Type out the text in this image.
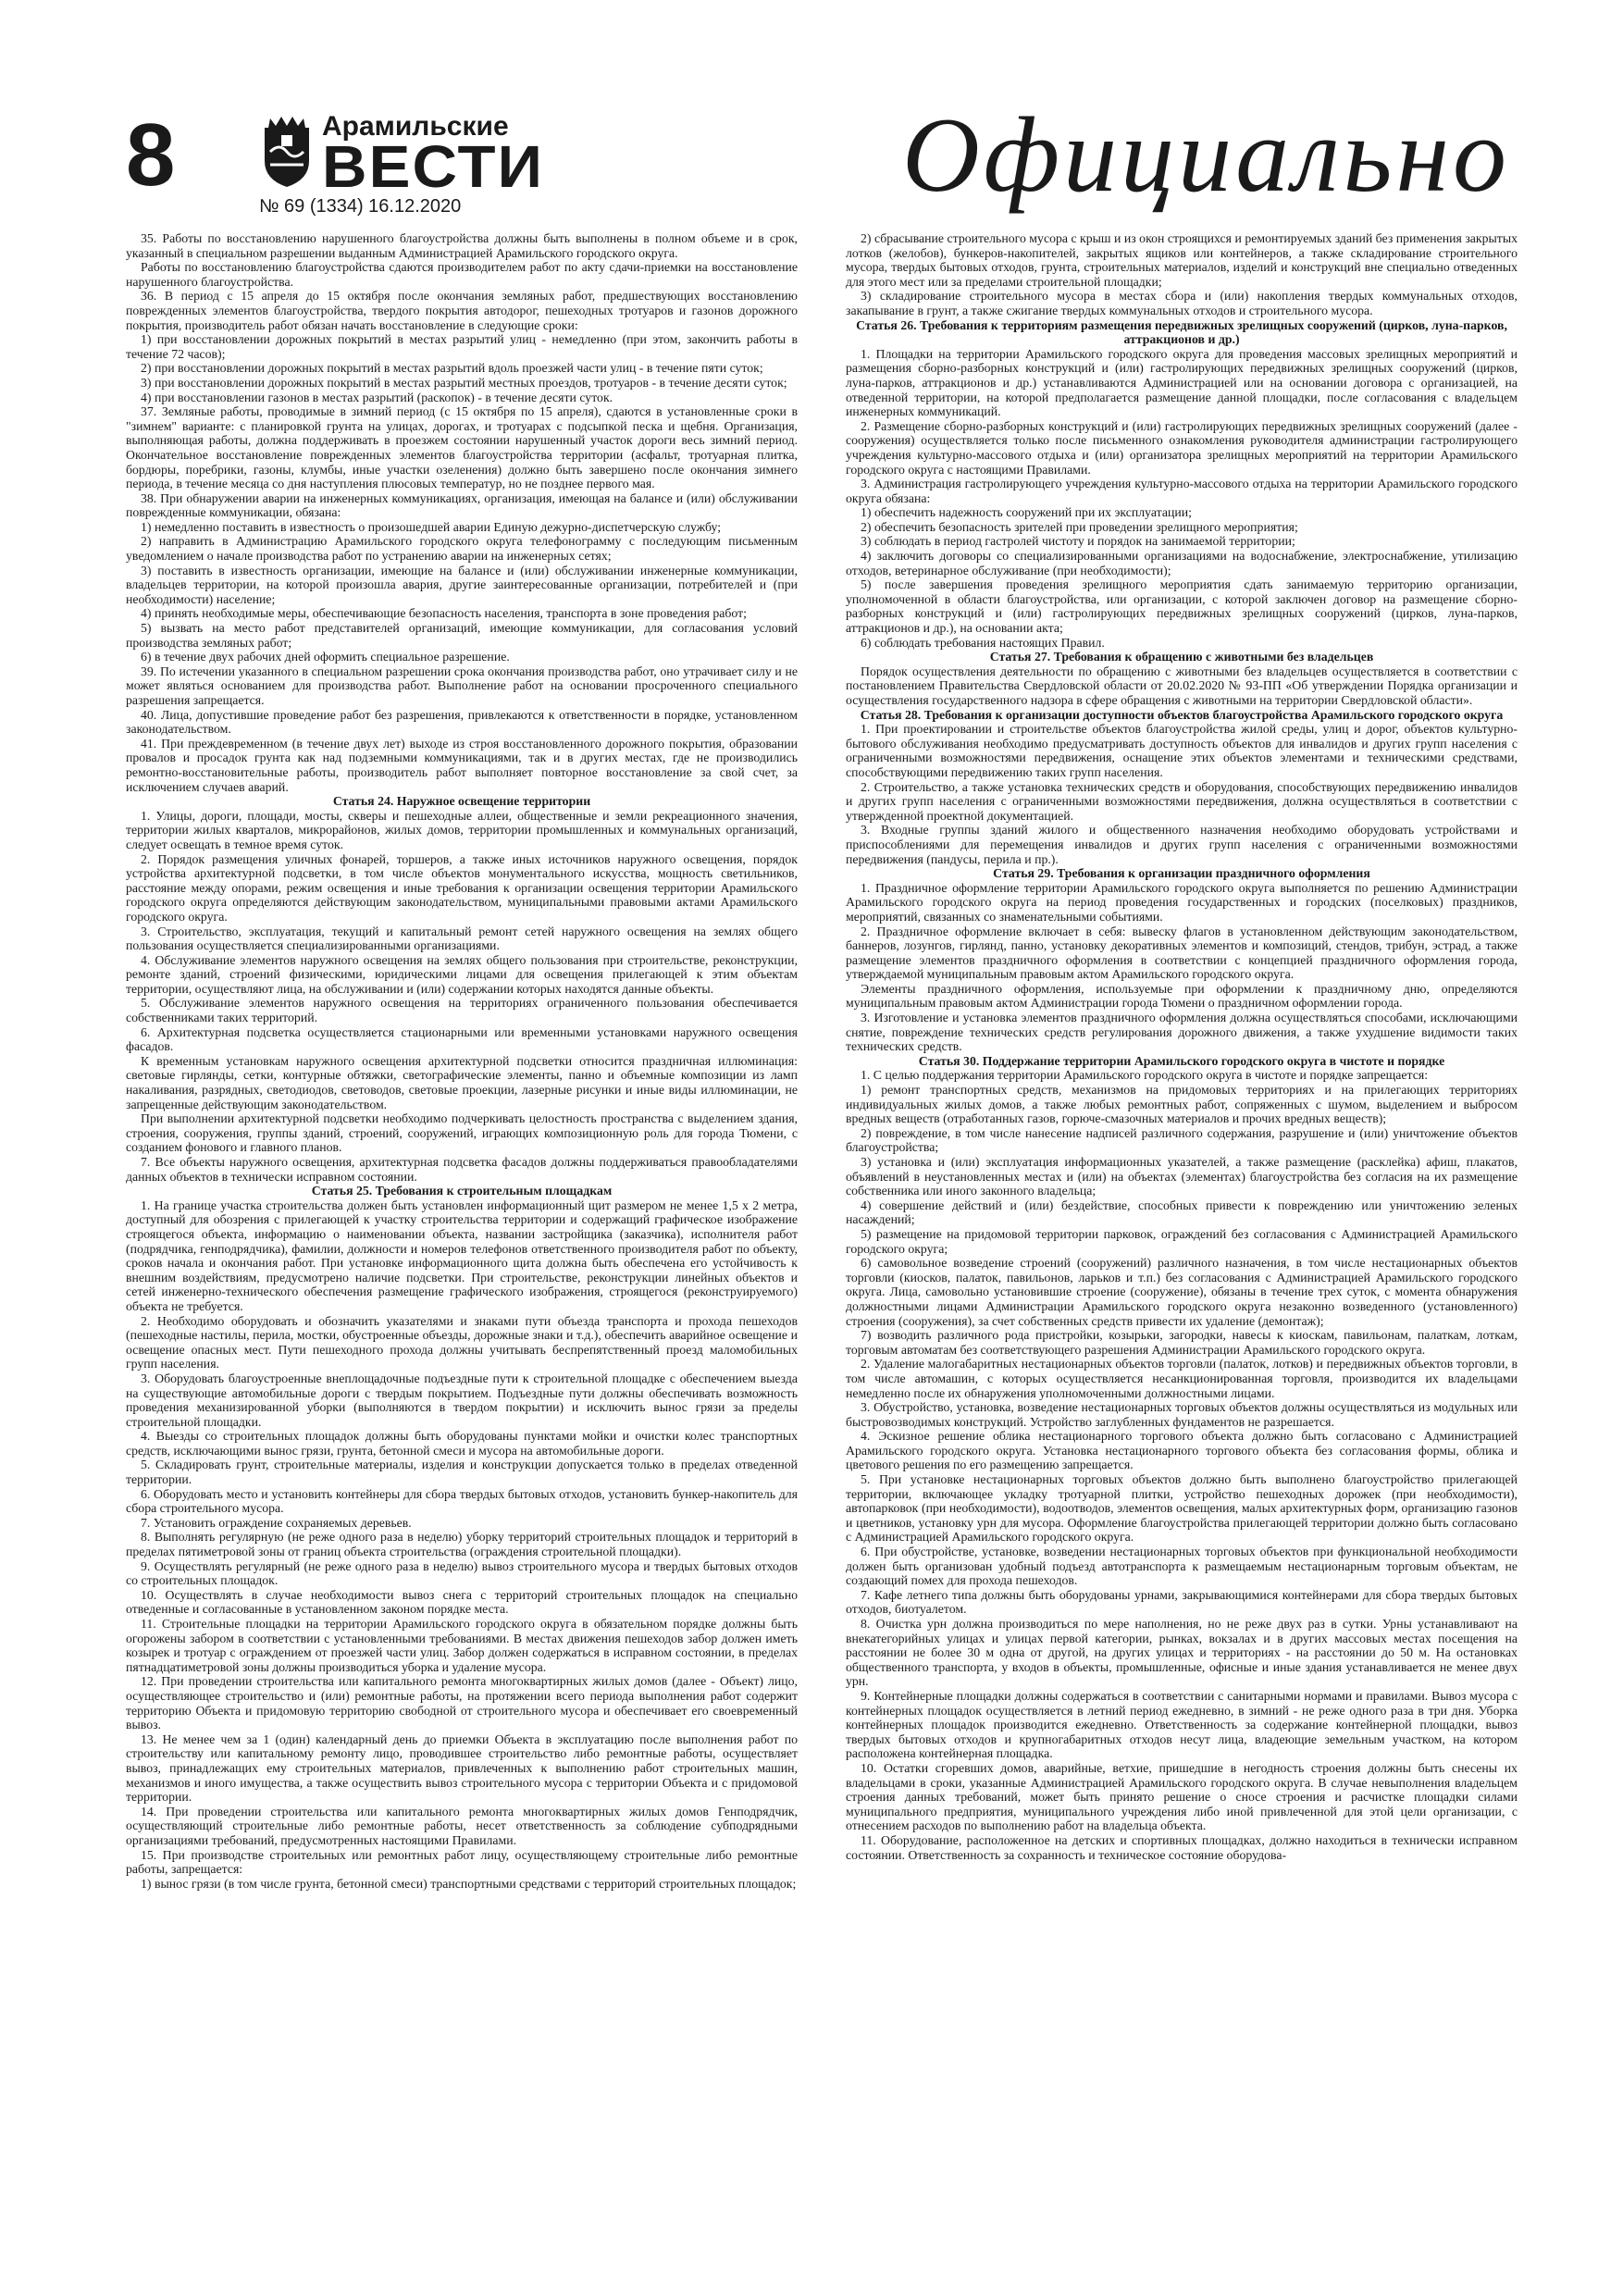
8	Арамильские
ВЕСТИ
№ 69 (1334) 16.12.2020	Официально

35. Работы по восстановлению нарушенного благоустройства должны быть выполнены в полном объеме и в срок, указанный в специальном разрешении выданным Администрацией Арамильского городского округа.

Работы по восстановлению благоустройства сдаются производителем работ по акту сдачи-приемки на восстановление нарушенного благоустройства.

36. В период с 15 апреля до 15 октября после окончания земляных работ, предшествующих восстановлению поврежденных элементов благоустройства, твердого покрытия автодорог, пешеходных тротуаров и газонов дорожного покрытия, производитель работ обязан начать восстановление в следующие сроки:

1) при восстановлении дорожных покрытий в местах разрытий улиц - немедленно (при этом, закончить работы в течение 72 часов);

2) при восстановлении дорожных покрытий в местах разрытий вдоль проезжей части улиц - в течение пяти суток;

3) при восстановлении дорожных покрытий в местах разрытий местных проездов, тротуаров - в течение десяти суток;

4) при восстановлении газонов в местах разрытий (раскопок) - в течение десяти суток.

37. Земляные работы, проводимые в зимний период (с 15 октября по 15 апреля), сдаются в установленные сроки в "зимнем" варианте: с планировкой грунта на улицах, дорогах, и тротуарах с подсыпкой песка и щебня. Организация, выполняющая работы, должна поддерживать в проезжем состоянии нарушенный участок дороги весь зимний период. Окончательное восстановление поврежденных элементов благоустройства территории (асфальт, тротуарная плитка, бордюры, поребрики, газоны, клумбы, иные участки озеленения) должно быть завершено после окончания зимнего периода, в течение месяца со дня наступления плюсовых температур, но не позднее первого мая.

38. При обнаружении аварии на инженерных коммуникациях, организация, имеющая на балансе и (или) обслуживании поврежденные коммуникации, обязана:

1) немедленно поставить в известность о произошедшей аварии Единую дежурно-диспетчерскую службу;

2) направить в Администрацию Арамильского городского округа телефонограмму с последующим письменным уведомлением о начале производства работ по устранению аварии на инженерных сетях;

3) поставить в известность организации, имеющие на балансе и (или) обслуживании инженерные коммуникации, владельцев территории, на которой произошла авария, другие заинтересованные организации, потребителей и (при необходимости) население;

4) принять необходимые меры, обеспечивающие безопасность населения, транспорта в зоне проведения работ;

5) вызвать на место работ представителей организаций, имеющие коммуникации, для согласования условий производства земляных работ;

6) в течение двух рабочих дней оформить специальное разрешение.

39. По истечении указанного в специальном разрешении срока окончания производства работ, оно утрачивает силу и не может являться основанием для производства работ. Выполнение работ на основании просроченного специального разрешения запрещается.

40. Лица, допустившие проведение работ без разрешения, привлекаются к ответственности в порядке, установленном законодательством.

41. При преждевременном (в течение двух лет) выходе из строя восстановленного дорожного покрытия, образовании провалов и просадок грунта как над подземными коммуникациями, так и в других местах, где не производились ремонтно-восстановительные работы, производитель работ выполняет повторное восстановление за свой счет, за исключением случаев аварий.

Статья 24. Наружное освещение территории

1. Улицы, дороги, площади, мосты, скверы и пешеходные аллеи, общественные и земли рекреационного значения, территории жилых кварталов, микрорайонов, жилых домов, территории промышленных и коммунальных организаций, следует освещать в темное время суток.

2. Порядок размещения уличных фонарей, торшеров, а также иных источников наружного освещения, порядок устройства архитектурной подсветки, в том числе объектов монументального искусства, мощность светильников, расстояние между опорами, режим освещения и иные требования к организации освещения территории Арамильского городского округа определяются действующим законодательством, муниципальными правовыми актами Арамильского городского округа.

3. Строительство, эксплуатация, текущий и капитальный ремонт сетей наружного освещения на землях общего пользования осуществляется специализированными организациями.

4. Обслуживание элементов наружного освещения на землях общего пользования при строительстве, реконструкции, ремонте зданий, строений физическими, юридическими лицами для освещения прилегающей к этим объектам территории, осуществляют лица, на обслуживании и (или) содержании которых находятся данные объекты.

5. Обслуживание элементов наружного освещения на территориях ограниченного пользования обеспечивается собственниками таких территорий.

6. Архитектурная подсветка осуществляется стационарными или временными установками наружного освещения фасадов.

К временным установкам наружного освещения архитектурной подсветки относится праздничная иллюминация: световые гирлянды, сетки, контурные обтяжки, светографические элементы, панно и объемные композиции из ламп накаливания, разрядных, светодиодов, световодов, световые проекции, лазерные рисунки и иные виды иллюминации, не запрещенные действующим законодательством.

При выполнении архитектурной подсветки необходимо подчеркивать целостность пространства с выделением здания, строения, сооружения, группы зданий, строений, сооружений, играющих композиционную роль для города Тюмени, с созданием фонового и главного планов.

7. Все объекты наружного освещения, архитектурная подсветка фасадов должны поддерживаться правообладателями данных объектов в технически исправном состоянии.

Статья 25. Требования к строительным площадкам

1. На границе участка строительства должен быть установлен информационный щит размером не менее 1,5 х 2 метра, доступный для обозрения с прилегающей к участку строительства территории и содержащий графическое изображение строящегося объекта, информацию о наименовании объекта, названии застройщика (заказчика), исполнителя работ (подрядчика, генподрядчика), фамилии, должности и номеров телефонов ответственного производителя работ по объекту, сроков начала и окончания работ. При установке информационного щита должна быть обеспечена его устойчивость к внешним воздействиям, предусмотрено наличие подсветки. При строительстве, реконструкции линейных объектов и сетей инженерно-технического обеспечения размещение графического изображения, строящегося (реконструируемого) объекта не требуется.

2. Необходимо оборудовать и обозначить указателями и знаками пути объезда транспорта и прохода пешеходов (пешеходные настилы, перила, мостки, обустроенные объезды, дорожные знаки и т.д.), обеспечить аварийное освещение и освещение опасных мест. Пути пешеходного прохода должны учитывать беспрепятственный проезд маломобильных групп населения.

3. Оборудовать благоустроенные внеплощадочные подъездные пути к строительной площадке с обеспечением выезда на существующие автомобильные дороги с твердым покрытием. Подъездные пути должны обеспечивать возможность проведения механизированной уборки (выполняются в твердом покрытии) и исключить вынос грязи за пределы строительной площадки.

4. Выезды со строительных площадок должны быть оборудованы пунктами мойки и очистки колес транспортных средств, исключающими вынос грязи, грунта, бетонной смеси и мусора на автомобильные дороги.

5. Складировать грунт, строительные материалы, изделия и конструкции допускается только в пределах отведенной территории.

6. Оборудовать место и установить контейнеры для сбора твердых бытовых отходов, установить бункер-накопитель для сбора строительного мусора.

7. Установить ограждение сохраняемых деревьев.

8. Выполнять регулярную (не реже одного раза в неделю) уборку территорий строительных площадок и территорий в пределах пятиметровой зоны от границ объекта строительства (ограждения строительной площадки).

9. Осуществлять регулярный (не реже одного раза в неделю) вывоз строительного мусора и твердых бытовых отходов со строительных площадок.

10. Осуществлять в случае необходимости вывоз снега с территорий строительных площадок на специально отведенные и согласованные в установленном законом порядке места.

11. Строительные площадки на территории Арамильского городского округа в обязательном порядке должны быть огорожены забором в соответствии с установленными требованиями. В местах движения пешеходов забор должен иметь козырек и тротуар с ограждением от проезжей части улиц. Забор должен содержаться в исправном состоянии, в пределах пятнадцатиметровой зоны должны производиться уборка и удаление мусора.

12. При проведении строительства или капитального ремонта многоквартирных жилых домов (далее - Объект) лицо, осуществляющее строительство и (или) ремонтные работы, на протяжении всего периода выполнения работ содержит территорию Объекта и придомовую территорию свободной от строительного мусора и обеспечивает его своевременный вывоз.

13. Не менее чем за 1 (один) календарный день до приемки Объекта в эксплуатацию после выполнения работ по строительству или капитальному ремонту лицо, проводившее строительство либо ремонтные работы, осуществляет вывоз, принадлежащих ему строительных материалов, привлеченных к выполнению работ строительных машин, механизмов и иного имущества, а также осуществить вывоз строительного мусора с территории Объекта и с придомовой территории.

14. При проведении строительства или капитального ремонта многоквартирных жилых домов Генподрядчик, осуществляющий строительные либо ремонтные работы, несет ответственность за соблюдение субподрядными организациями требований, предусмотренных настоящими Правилами.

15. При производстве строительных или ремонтных работ лицу, осуществляющему строительные либо ремонтные работы, запрещается:

1) вынос грязи (в том числе грунта, бетонной смеси) транспортными средствами с территорий строительных площадок;

2) сбрасывание строительного мусора с крыш и из окон строящихся и ремонтируемых зданий без применения закрытых лотков (желобов), бункеров-накопителей, закрытых ящиков или контейнеров, а также складирование строительного мусора, твердых бытовых отходов, грунта, строительных материалов, изделий и конструкций вне специально отведенных для этого мест или за пределами строительной площадки;

3) складирование строительного мусора в местах сбора и (или) накопления твердых коммунальных отходов, закапывание в грунт, а также сжигание твердых коммунальных отходов и строительного мусора.

Статья 26. Требования к территориям размещения передвижных зрелищных сооружений (цирков, луна-парков, аттракционов и др.)

1. Площадки на территории Арамильского городского округа для проведения массовых зрелищных мероприятий и размещения сборно-разборных конструкций и (или) гастролирующих передвижных зрелищных сооружений (цирков, луна-парков, аттракционов и др.) устанавливаются Администрацией или на основании договора с организацией, на отведенной территории, на которой предполагается размещение данной площадки, после согласования с владельцем инженерных коммуникаций.

2. Размещение сборно-разборных конструкций и (или) гастролирующих передвижных зрелищных сооружений (далее - сооружения) осуществляется только после письменного ознакомления руководителя администрации гастролирующего учреждения культурно-массового отдыха и (или) организатора зрелищных мероприятий на территории Арамильского городского округа с настоящими Правилами.

3. Администрация гастролирующего учреждения культурно-массового отдыха на территории Арамильского городского округа обязана:

1) обеспечить надежность сооружений при их эксплуатации;

2) обеспечить безопасность зрителей при проведении зрелищного мероприятия;

3) соблюдать в период гастролей чистоту и порядок на занимаемой территории;

4) заключить договоры со специализированными организациями на водоснабжение, электроснабжение, утилизацию отходов, ветеринарное обслуживание (при необходимости);

5) после завершения проведения зрелищного мероприятия сдать занимаемую территорию организации, уполномоченной в области благоустройства, или организации, с которой заключен договор на размещение сборно-разборных конструкций и (или) гастролирующих передвижных зрелищных сооружений (цирков, луна-парков, аттракционов и др.), на основании акта;

6) соблюдать требования настоящих Правил.

Статья 27. Требования к обращению с животными без владельцев

Порядок осуществления деятельности по обращению с животными без владельцев осуществляется в соответствии с постановлением Правительства Свердловской области от 20.02.2020 № 93-ПП «Об утверждении Порядка организации и осуществления государственного надзора в сфере обращения с животными на территории Свердловской области».

Статья 28. Требования к организации доступности объектов благоустройства Арамильского городского округа

1. При проектировании и строительстве объектов благоустройства жилой среды, улиц и дорог, объектов культурно-бытового обслуживания необходимо предусматривать доступность объектов для инвалидов и других групп населения с ограниченными возможностями передвижения, оснащение этих объектов элементами и техническими средствами, способствующими передвижению таких групп населения.

2. Строительство, а также установка технических средств и оборудования, способствующих передвижению инвалидов и других групп населения с ограниченными возможностями передвижения, должна осуществляться в соответствии с утвержденной проектной документацией.

3. Входные группы зданий жилого и общественного назначения необходимо оборудовать устройствами и приспособлениями для перемещения инвалидов и других групп населения с ограниченными возможностями передвижения (пандусы, перила и пр.).

Статья 29. Требования к организации праздничного оформления

1. Праздничное оформление территории Арамильского городского округа выполняется по решению Администрации Арамильского городского округа на период проведения государственных и городских (поселковых) праздников, мероприятий, связанных со знаменательными событиями.

2. Праздничное оформление включает в себя: вывеску флагов в установленном действующим законодательством, баннеров, лозунгов, гирлянд, панно, установку декоративных элементов и композиций, стендов, трибун, эстрад, а также размещение элементов праздничного оформления в соответствии с концепцией праздничного оформления города, утверждаемой муниципальным правовым актом Арамильского городского округа.

Элементы праздничного оформления, используемые при оформлении к праздничному дню, определяются муниципальным правовым актом Администрации города Тюмени о праздничном оформлении города.

3. Изготовление и установка элементов праздничного оформления должна осуществляться способами, исключающими снятие, повреждение технических средств регулирования дорожного движения, а также ухудшение видимости таких технических средств.

Статья 30. Поддержание территории Арамильского городского округа в чистоте и порядке

1. С целью поддержания территории Арамильского городского округа в чистоте и порядке запрещается:

1) ремонт транспортных средств, механизмов на придомовых территориях и на прилегающих территориях индивидуальных жилых домов, а также любых ремонтных работ, сопряженных с шумом, выделением и выбросом вредных веществ (отработанных газов, горюче-смазочных материалов и прочих вредных веществ);

2) повреждение, в том числе нанесение надписей различного содержания, разрушение и (или) уничтожение объектов благоустройства;

3) установка и (или) эксплуатация информационных указателей, а также размещение (расклейка) афиш, плакатов, объявлений в неустановленных местах и (или) на объектах (элементах) благоустройства без согласия на их размещение собственника или иного законного владельца;

4) совершение действий и (или) бездействие, способных привести к повреждению или уничтожению зеленых насаждений;

5) размещение на придомовой территории парковок, ограждений без согласования с Администрацией Арамильского городского округа;

6) самовольное возведение строений (сооружений) различного назначения, в том числе нестационарных объектов торговли (киосков, палаток, павильонов, ларьков и т.п.) без согласования с Администрацией Арамильского городского округа. Лица, самовольно установившие строение (сооружение), обязаны в течение трех суток, с момента обнаружения должностными лицами Администрации Арамильского городского округа незаконно возведенного (установленного) строения (сооружения), за счет собственных средств привести их удаление (демонтаж);

7) возводить различного рода пристройки, козырьки, загородки, навесы к киоскам, павильонам, палаткам, лоткам, торговым автоматам без соответствующего разрешения Администрации Арамильского городского округа.

2. Удаление малогабаритных нестационарных объектов торговли (палаток, лотков) и передвижных объектов торговли, в том числе автомашин, с которых осуществляется несанкционированная торговля, производится их владельцами немедленно после их обнаружения уполномоченными должностными лицами.

3. Обустройство, установка, возведение нестационарных торговых объектов должны осуществляться из модульных или быстровозводимых конструкций. Устройство заглубленных фундаментов не разрешается.

4. Эскизное решение облика нестационарного торгового объекта должно быть согласовано с Администрацией Арамильского городского округа. Установка нестационарного торгового объекта без согласования формы, облика и цветового решения по его размещению запрещается.

5. При установке нестационарных торговых объектов должно быть выполнено благоустройство прилегающей территории, включающее укладку тротуарной плитки, устройство пешеходных дорожек (при необходимости), автопарковок (при необходимости), водоотводов, элементов освещения, малых архитектурных форм, организацию газонов и цветников, установку урн для мусора. Оформление благоустройства прилегающей территории должно быть согласовано с Администрацией Арамильского городского округа.

6. При обустройстве, установке, возведении нестационарных торговых объектов при функциональной необходимости должен быть организован удобный подъезд автотранспорта к размещаемым нестационарным торговым объектам, не создающий помех для прохода пешеходов.

7. Кафе летнего типа должны быть оборудованы урнами, закрывающимися контейнерами для сбора твердых бытовых отходов, биотуалетом.

8. Очистка урн должна производиться по мере наполнения, но не реже двух раз в сутки. Урны устанавливают на внекатегорийных улицах и улицах первой категории, рынках, вокзалах и в других массовых местах посещения на расстоянии не более 30 м одна от другой, на других улицах и территориях - на расстоянии до 50 м. На остановках общественного транспорта, у входов в объекты, промышленные, офисные и иные здания устанавливается не менее двух урн.

9. Контейнерные площадки должны содержаться в соответствии с санитарными нормами и правилами. Вывоз мусора с контейнерных площадок осуществляется в летний период ежедневно, в зимний - не реже одного раза в три дня. Уборка контейнерных площадок производится ежедневно. Ответственность за содержание контейнерной площадки, вывоз твердых бытовых отходов и крупногабаритных отходов несут лица, владеющие земельным участком, на котором расположена контейнерная площадка.

10. Остатки сгоревших домов, аварийные, ветхие, пришедшие в негодность строения должны быть снесены их владельцами в сроки, указанные Администрацией Арамильского городского округа. В случае невыполнения владельцем строения данных требований, может быть принято решение о сносе строения и расчистке площадки силами муниципального предприятия, муниципального учреждения либо иной привлеченной для этой цели организации, с отнесением расходов по выполнению работ на владельца объекта.

11. Оборудование, расположенное на детских и спортивных площадках, должно находиться в технически исправном состоянии. Ответственность за сохранность и техническое состояние оборудова-
